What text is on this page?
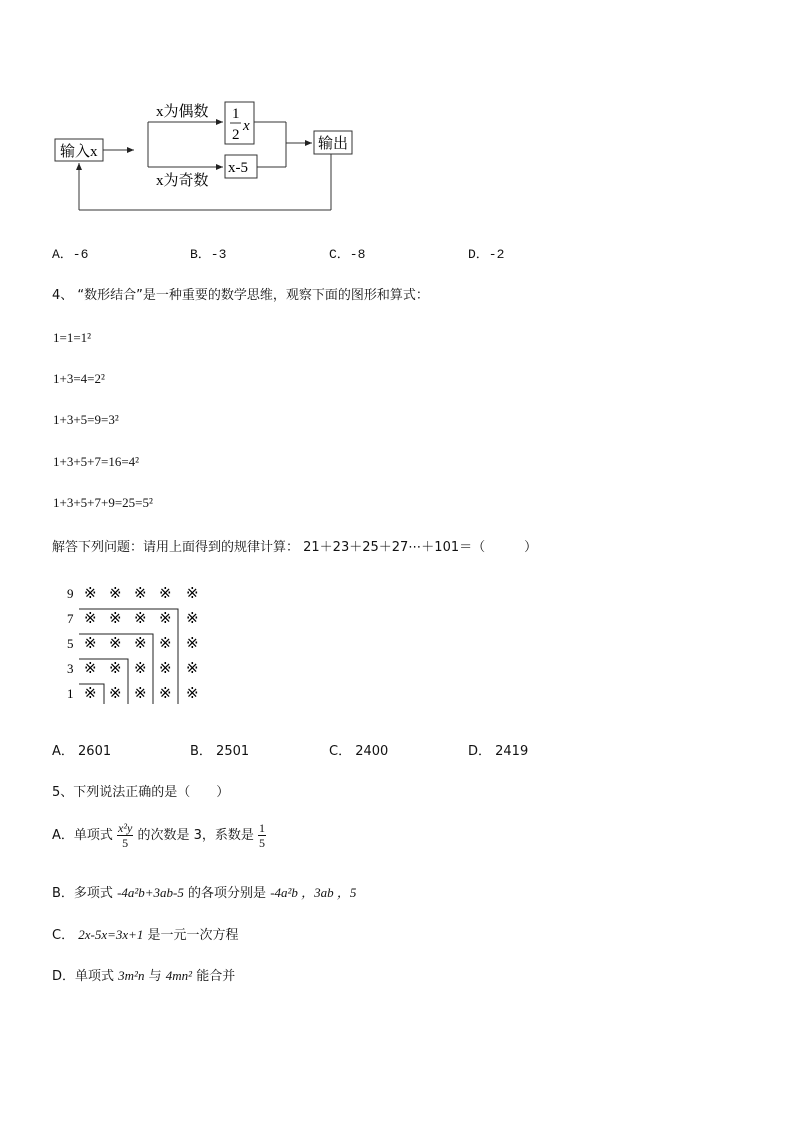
输入x
x为偶数
x为奇数
1
2
x
x-5
输出
A．-6	B．-3	C．-8	D．-2
4、 “数形结合”是一种重要的数学思维，观察下面的图形和算式：
1=1=1²
1+3=4=2²
1+3+5=9=3²
1+3+5+7=16=4²
1+3+5+7+9=25=5²
解答下列问题：请用上面得到的规律计算： 21＋23＋25＋27⋯＋101＝（　　　）
9
7
5
3
1
※ ※ ※ ※ ※
※ ※ ※ ※ ※
※ ※ ※ ※ ※
※ ※ ※ ※ ※
※ ※ ※ ※ ※
A． 2601	B． 2501	C． 2400	D． 2419
5、下列说法正确的是（　　）
A．单项式 $\frac{\text{x²y}}{5}$ 的次数是 3，系数是 $\frac{1}{5}$
B．多项式 -4a²b+3ab-5 的各项分别是 -4a²b ，3ab ，5
C． 2x-5x=3x+1 是一元一次方程
D．单项式 3m²n 与 4mn² 能合并
